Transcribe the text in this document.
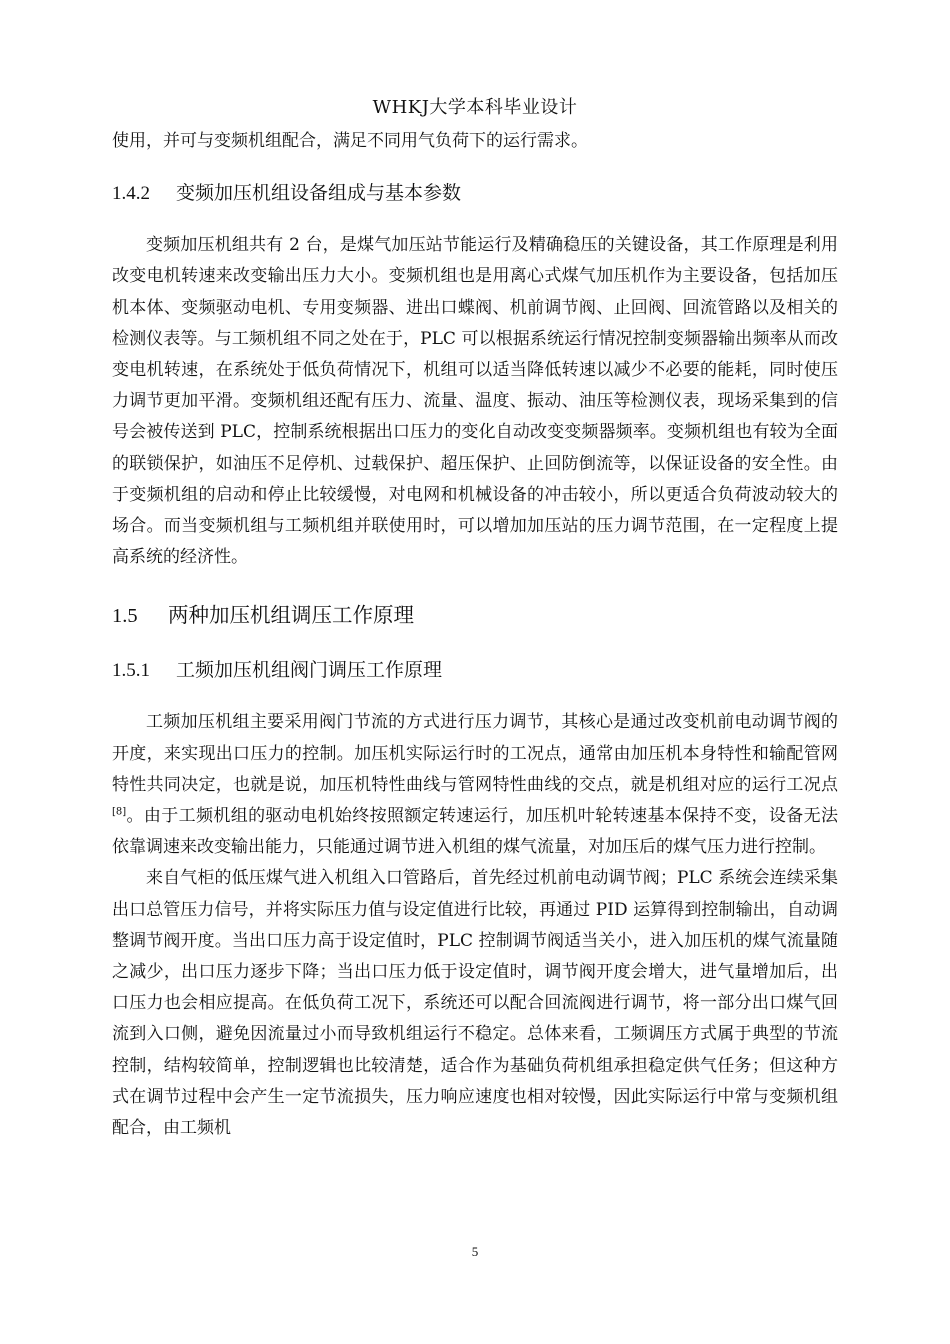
WHKJ大学本科毕业设计

使用，并可与变频机组配合，满足不同用气负荷下的运行需求。

1.4.2 变频加压机组设备组成与基本参数

变频加压机组共有 2 台，是煤气加压站节能运行及精确稳压的关键设备，其工作原理是利用改变电机转速来改变输出压力大小。变频机组也是用离心式煤气加压机作为主要设备，包括加压机本体、变频驱动电机、专用变频器、进出口蝶阀、机前调节阀、止回阀、回流管路以及相关的检测仪表等。与工频机组不同之处在于，PLC 可以根据系统运行情况控制变频器输出频率从而改变电机转速，在系统处于低负荷情况下，机组可以适当降低转速以减少不必要的能耗，同时使压力调节更加平滑。变频机组还配有压力、流量、温度、振动、油压等检测仪表，现场采集到的信号会被传送到 PLC，控制系统根据出口压力的变化自动改变变频器频率。变频机组也有较为全面的联锁保护，如油压不足停机、过载保护、超压保护、止回防倒流等，以保证设备的安全性。由于变频机组的启动和停止比较缓慢，对电网和机械设备的冲击较小，所以更适合负荷波动较大的场合。而当变频机组与工频机组并联使用时，可以增加加压站的压力调节范围，在一定程度上提高系统的经济性。

1.5 两种加压机组调压工作原理
1.5.1 工频加压机组阀门调压工作原理

工频加压机组主要采用阀门节流的方式进行压力调节，其核心是通过改变机前电动调节阀的开度，来实现出口压力的控制。加压机实际运行时的工况点，通常由加压机本身特性和输配管网特性共同决定，也就是说，加压机特性曲线与管网特性曲线的交点，就是机组对应的运行工况点[8]。由于工频机组的驱动电机始终按照额定转速运行，加压机叶轮转速基本保持不变，设备无法依靠调速来改变输出能力，只能通过调节进入机组的煤气流量，对加压后的煤气压力进行控制。

来自气柜的低压煤气进入机组入口管路后，首先经过机前电动调节阀；PLC 系统会连续采集出口总管压力信号，并将实际压力值与设定值进行比较，再通过 PID 运算得到控制输出，自动调整调节阀开度。当出口压力高于设定值时，PLC 控制调节阀适当关小，进入加压机的煤气流量随之减少，出口压力逐步下降；当出口压力低于设定值时，调节阀开度会增大，进气量增加后，出口压力也会相应提高。在低负荷工况下，系统还可以配合回流阀进行调节，将一部分出口煤气回流到入口侧，避免因流量过小而导致机组运行不稳定。总体来看，工频调压方式属于典型的节流控制，结构较简单，控制逻辑也比较清楚，适合作为基础负荷机组承担稳定供气任务；但这种方式在调节过程中会产生一定节流损失，压力响应速度也相对较慢，因此实际运行中常与变频机组配合，由工频机

5
